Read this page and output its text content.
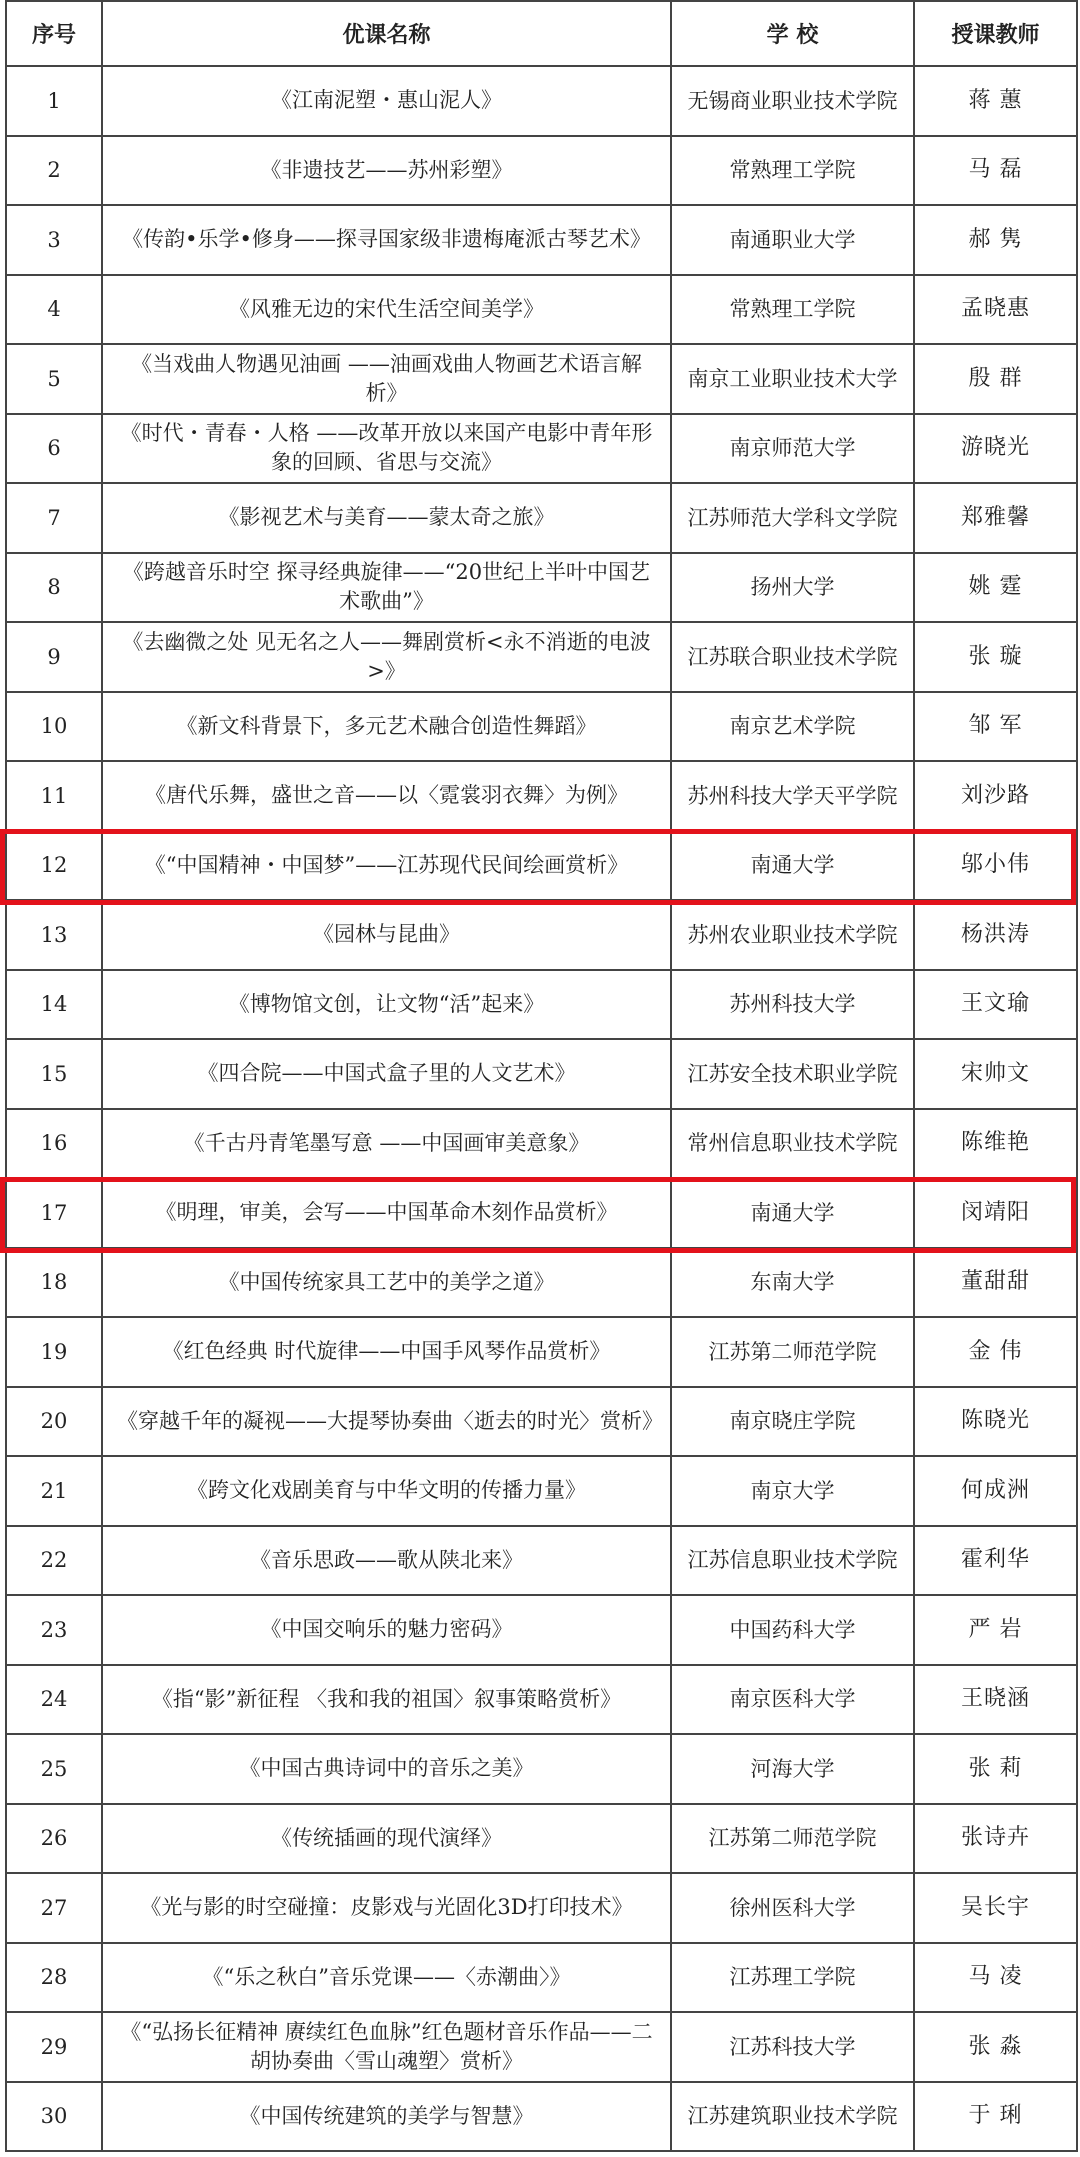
序号	优课名称	学 校	授课教师
1	《江南泥塑・惠山泥人》	无锡商业职业技术学院	蒋 蕙
2	《非遗技艺——苏州彩塑》	常熟理工学院	马 磊
3	《传韵•乐学•修身——探寻国家级非遗梅庵派古琴艺术》	南通职业大学	郝 隽
4	《风雅无边的宋代生活空间美学》	常熟理工学院	孟晓惠
5	《当戏曲人物遇见油画 ——油画戏曲人物画艺术语言解析》	南京工业职业技术大学	殷 群
6	《时代・青春・人格 ——改革开放以来国产电影中青年形象的回顾、省思与交流》	南京师范大学	游晓光
7	《影视艺术与美育——蒙太奇之旅》	江苏师范大学科文学院	郑雅馨
8	《跨越音乐时空 探寻经典旋律——“20世纪上半叶中国艺术歌曲”》	扬州大学	姚 霆
9	《去幽微之处 见无名之人——舞剧赏析<永不消逝的电波>》	江苏联合职业技术学院	张 璇
10	《新文科背景下，多元艺术融合创造性舞蹈》	南京艺术学院	邹 军
11	《唐代乐舞，盛世之音——以〈霓裳羽衣舞〉为例》	苏州科技大学天平学院	刘沙路
12	《“中国精神・中国梦”——江苏现代民间绘画赏析》	南通大学	邬小伟
13	《园林与昆曲》	苏州农业职业技术学院	杨洪涛
14	《博物馆文创，让文物“活”起来》	苏州科技大学	王文瑜
15	《四合院——中国式盒子里的人文艺术》	江苏安全技术职业学院	宋帅文
16	《千古丹青笔墨写意 ——中国画审美意象》	常州信息职业技术学院	陈维艳
17	《明理，审美，会写——中国革命木刻作品赏析》	南通大学	闵靖阳
18	《中国传统家具工艺中的美学之道》	东南大学	董甜甜
19	《红色经典 时代旋律——中国手风琴作品赏析》	江苏第二师范学院	金 伟
20	《穿越千年的凝视——大提琴协奏曲〈逝去的时光〉赏析》	南京晓庄学院	陈晓光
21	《跨文化戏剧美育与中华文明的传播力量》	南京大学	何成洲
22	《音乐思政——歌从陕北来》	江苏信息职业技术学院	霍利华
23	《中国交响乐的魅力密码》	中国药科大学	严 岩
24	《指“影”新征程 〈我和我的祖国〉叙事策略赏析》	南京医科大学	王晓涵
25	《中国古典诗词中的音乐之美》	河海大学	张 莉
26	《传统插画的现代演绎》	江苏第二师范学院	张诗卉
27	《光与影的时空碰撞：皮影戏与光固化3D打印技术》	徐州医科大学	吴长宇
28	《“乐之秋白”音乐党课——〈赤潮曲〉》	江苏理工学院	马 凌
29	《“弘扬长征精神 赓续红色血脉”红色题材音乐作品——二胡协奏曲〈雪山魂塑〉赏析》	江苏科技大学	张 淼
30	《中国传统建筑的美学与智慧》	江苏建筑职业技术学院	于 琍
